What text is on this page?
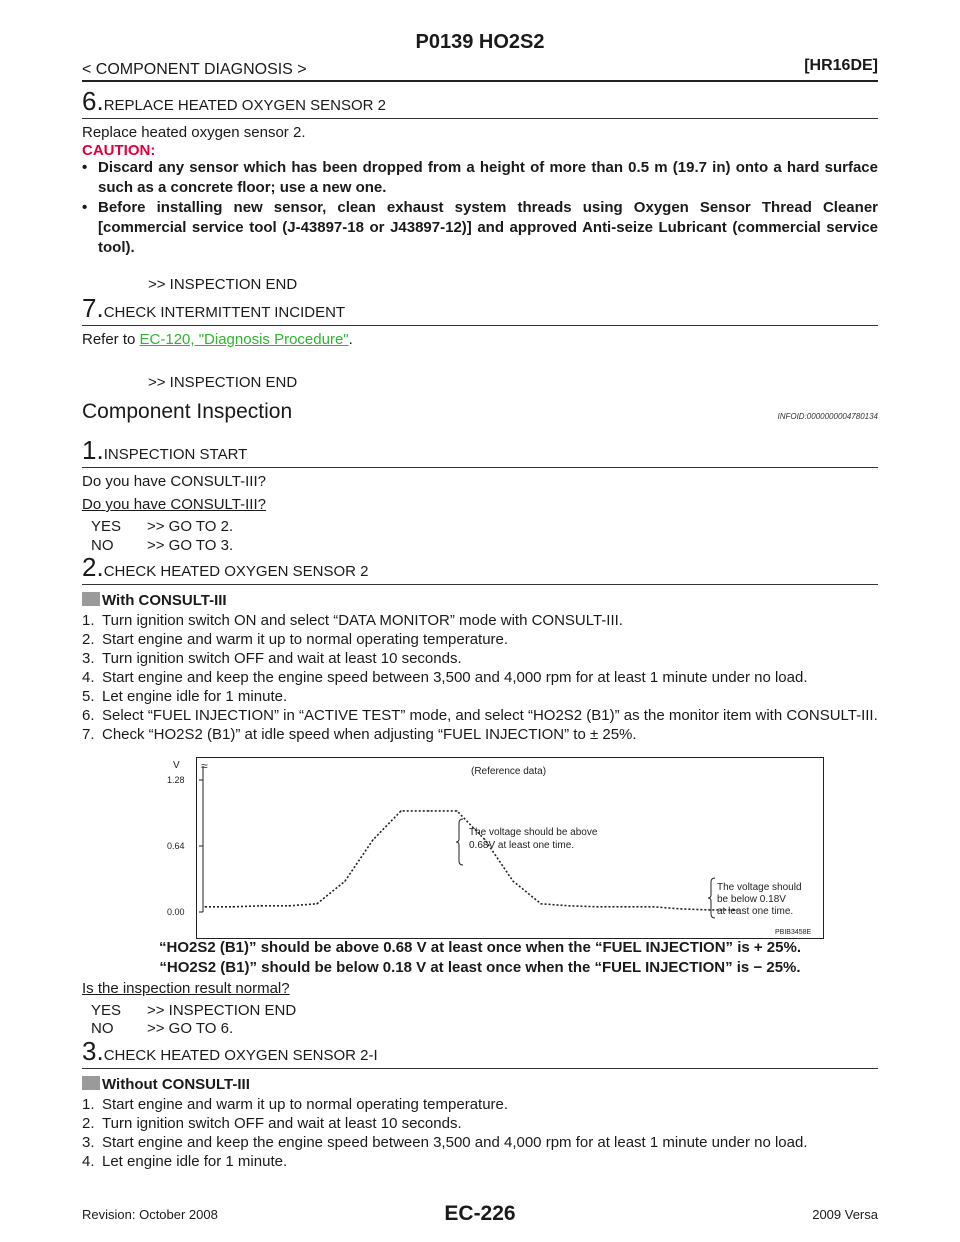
P0139 HO2S2
< COMPONENT DIAGNOSIS >	[HR16DE]
6.REPLACE HEATED OXYGEN SENSOR 2
Replace heated oxygen sensor 2.
CAUTION:
• Discard any sensor which has been dropped from a height of more than 0.5 m (19.7 in) onto a hard surface such as a concrete floor; use a new one.
• Before installing new sensor, clean exhaust system threads using Oxygen Sensor Thread Cleaner [commercial service tool (J-43897-18 or J43897-12)] and approved Anti-seize Lubricant (commercial service tool).
>> INSPECTION END
7.CHECK INTERMITTENT INCIDENT
Refer to EC-120, "Diagnosis Procedure".
>> INSPECTION END
Component Inspection	INFOID:0000000004780134
1.INSPECTION START
Do you have CONSULT-III?
Do you have CONSULT-III?
YES >> GO TO 2.
NO >> GO TO 3.
2.CHECK HEATED OXYGEN SENSOR 2
With CONSULT-III
1. Turn ignition switch ON and select “DATA MONITOR” mode with CONSULT-III.
2. Start engine and warm it up to normal operating temperature.
3. Turn ignition switch OFF and wait at least 10 seconds.
4. Start engine and keep the engine speed between 3,500 and 4,000 rpm for at least 1 minute under no load.
5. Let engine idle for 1 minute.
6. Select “FUEL INJECTION” in “ACTIVE TEST” mode, and select “HO2S2 (B1)” as the monitor item with CONSULT-III.
7. Check “HO2S2 (B1)” at idle speed when adjusting “FUEL INJECTION” to ± 25%.
≈
V
1.28
0.64
0.00
(Reference data)
The voltage should be above 0.68V at least one time.
The voltage should be below 0.18V at least one time.
PBIB3458E
“HO2S2 (B1)” should be above 0.68 V at least once when the “FUEL INJECTION” is + 25%.
“HO2S2 (B1)” should be below 0.18 V at least once when the “FUEL INJECTION” is − 25%.
Is the inspection result normal?
YES >> INSPECTION END
NO >> GO TO 6.
3.CHECK HEATED OXYGEN SENSOR 2-I
Without CONSULT-III
1. Start engine and warm it up to normal operating temperature.
2. Turn ignition switch OFF and wait at least 10 seconds.
3. Start engine and keep the engine speed between 3,500 and 4,000 rpm for at least 1 minute under no load.
4. Let engine idle for 1 minute.
Revision: October 2008	EC-226	2009 Versa
